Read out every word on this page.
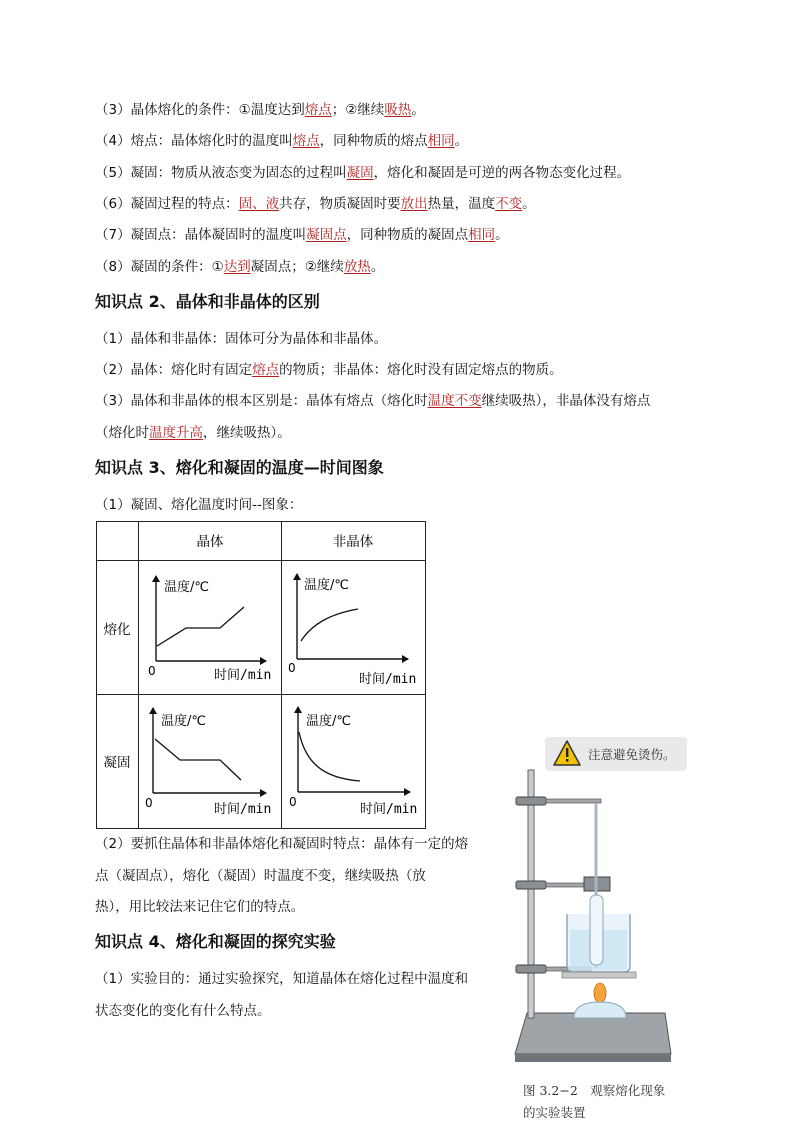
（3）晶体熔化的条件：①温度达到熔点；②继续吸热。
（4）熔点：晶体熔化时的温度叫熔点，同种物质的熔点相同。
（5）凝固：物质从液态变为固态的过程叫凝固，熔化和凝固是可逆的两各物态变化过程。
（6）凝固过程的特点：固、液共存，物质凝固时要放出热量，温度不变。
（7）凝固点：晶体凝固时的温度叫凝固点，同种物质的凝固点相同。
（8）凝固的条件：①达到凝固点；②继续放热。
知识点 2、晶体和非晶体的区别
（1）晶体和非晶体：固体可分为晶体和非晶体。
（2）晶体：熔化时有固定熔点的物质；非晶体：熔化时没有固定熔点的物质。
（3）晶体和非晶体的根本区别是：晶体有熔点（熔化时温度不变继续吸热），非晶体没有熔点
（熔化时温度升高，继续吸热）。
知识点 3、熔化和凝固的温度—时间图象
（1）凝固、熔化温度时间--图象：
晶体	非晶体
熔化
凝固
温度/℃
时间/min
0
温度/℃
时间/min
0
温度/℃
时间/min
0
温度/℃
时间/min
0
注意避免烫伤。
图 3.2−2　观察熔化现象
的实验装置
（2）要抓住晶体和非晶体熔化和凝固时特点：晶体有一定的熔
点（凝固点），熔化（凝固）时温度不变，继续吸热（放
热），用比较法来记住它们的特点。
知识点 4、熔化和凝固的探究实验
（1）实验目的：通过实验探究，知道晶体在熔化过程中温度和
状态变化的变化有什么特点。
